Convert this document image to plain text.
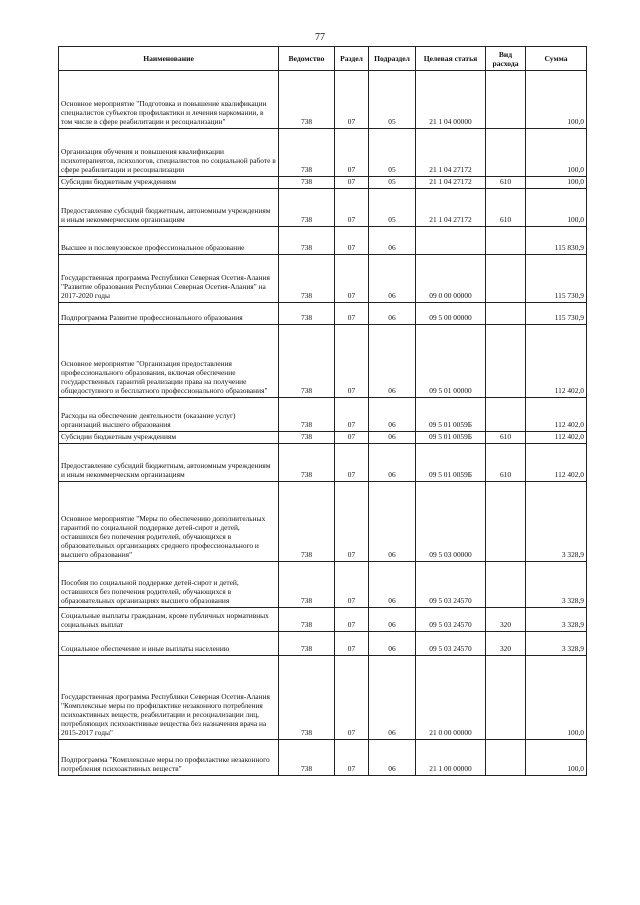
77
Наименование	Ведомство	Раздел	Подраздел	Целевая статья	Вид расхода	Сумма
Основное мероприятие "Подготовка и повышение квалификации специалистов субъектов профилактики и лечения наркомании, в том числе в сфере реабилитации и ресоциализации"	738	07	05	21 1 04 00000		100,0
Организация обучения и повышения квалификации психотерапевтов, психологов, специалистов по социальной работе в сфере реабилитации и ресоциализации	738	07	05	21 1 04 27172		100,0
Субсидии бюджетным учреждениям	738	07	05	21 1 04 27172	610	100,0
Предоставление субсидий бюджетным, автономным учреждениям и иным некоммерческим организациям	738	07	05	21 1 04 27172	610	100,0
Высшее и послевузовское профессиональное образование	738	07	06			115 830,9
Государственная программа Республики Северная Осетия-Алания "Развитие образования Республики Северная Осетия-Алания" на 2017-2020 годы	738	07	06	09 0 00 00000		115 730,9
Подпрограмма Развитие профессионального образования	738	07	06	09 5 00 00000		115 730,9
Основное мероприятие "Организация предоставления профессионального образования, включая обеспечение государственных гарантий реализации права на получение общедоступного и бесплатного профессионального образования"	738	07	06	09 5 01 00000		112 402,0
Расходы на обеспечение деятельности (оказание услуг) организаций высшего образования	738	07	06	09 5 01 0059Б		112 402,0
Субсидии бюджетным учреждениям	738	07	06	09 5 01 0059Б	610	112 402,0
Предоставление субсидий бюджетным, автономным учреждениям и иным некоммерческим организациям	738	07	06	09 5 01 0059Б	610	112 402,0
Основное мероприятие "Меры по обеспечению дополнительных гарантий по социальной поддержке детей-сирот и детей, оставшихся без попечения родителей, обучающихся в образовательных организациях среднего профессионального и высшего образования"	738	07	06	09 5 03 00000		3 328,9
Пособия по социальной поддержке детей-сирот и детей, оставшихся без попечения родителей, обучающихся в образовательных организациях высшего образования	738	07	06	09 5 03 24570		3 328,9
Социальные выплаты гражданам, кроме публичных нормативных социальных выплат	738	07	06	09 5 03 24570	320	3 328,9
Социальное обеспечение и иные выплаты населению	738	07	06	09 5 03 24570	320	3 328,9
Государственная программа Республики Северная Осетия-Алания "Комплексные меры по профилактике незаконного потребления психоактивных веществ, реабилитации и ресоциализации лиц, потребляющих психоактивные вещества без назначения врача на 2015-2017 годы"	738	07	06	21 0 00 00000		100,0
Подпрограмма "Комплексные меры по профилактике незаконного потребления психоактивных веществ"	738	07	06	21 1 00 00000		100,0
